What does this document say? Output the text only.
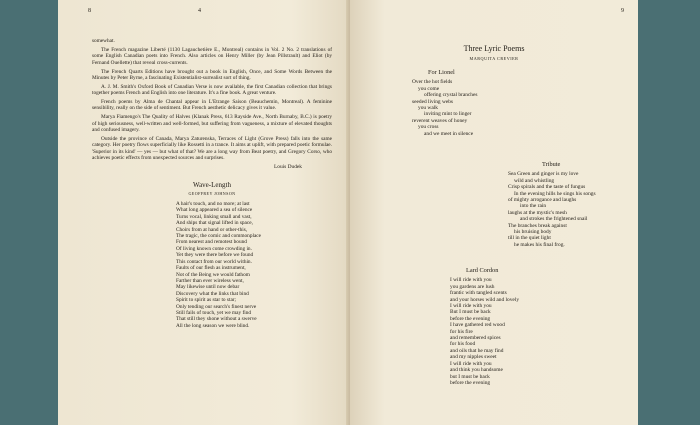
8	4

somewhat.

The French magazine Liberté (1130 Lagauchetière E., Montreal) contains in Vol. 2 No. 2 translations of some English Canadian poets into French. Also articles on Henry Miller (by Jean Pillstrault) and Eliot (by Fernand Ouellette) that reveal cross-currents.

The French Quarts Editions have brought out a book in English, Once, and Some Words Between the Minutes by Peter Byrne, a fascinating Existentialist-surrealist sort of thing.

A. J. M. Smith's Oxford Book of Canadian Verse is now available, the first Canadian collection that brings together poems French and English into one literature. It's a fine book. A great venture.

French poems by Alma de Chantal appear in L'Etrange Saison (Beauchemin, Montreal). A feminine sensibility, really on the side of sentiment. But French aesthetic delicacy gives it value.

Marya Fiamengo's The Quality of Halves (Klanak Press, 613 Rayside Ave., North Burnaby, B.C.) is poetry of high seriousness, well-written and well-formed, but suffering from vagueness, a mixture of elevated thoughts and confused imagery.

Outside the province of Canada, Marya Zaturenska, Terraces of Light (Grove Press) falls into the same category. Her poetry flows superficially like Rossetti in a trance. It aims at uplift, with prepared poetic formulae. 'Superior in its kind' — yes — but what of that? We are a long way from Beat poetry, and Gregory Corso, who achieves poetic effects from unexpected sources and surprises.

Louis Dudek
Wave-Length
GEOFFREY JOHNSON
A hair's touch, and no more; at last
What long appeared a sea of silence
Turns vocal, linking small and vast,
And ships that signal lifted in space,
Choirs from at hand or other-this,
The tragic, the comic and commonplace
From nearest and remotest bound
Of living known come crowding in.
Yet they were there before we found
This contact from our world within.
Faults of our flesh as instrument,
Not of the Being we would fathom
Farther than ever wireless went,
May likewise until now debar
Discovery what the links that bind
Spirit to spirit as star to star;
Only tending our search's finest nerve
Still fails of touch, yet we may find
That still they shone without a swerve
All the long season we were blind.
9
Three Lyric Poems
MARQUITA CREVIER
For Lionel
Over the hot fields
you come
offering crystal branches
seeded living webs
you walk
inviting mint to linger
reverent weaves of honey
you cross
and we meet in silence
Tribute
Sea Green and ginger is my love
wild and whistling
Crisp spirals and the taste of fungus
In the evening hills he sings his songs
of mighty arrogance and laughs
into the rain
laughs at the mystic's mesh
and strokes the frightened snail
The branches break against
his bruising body
till in the quiet light
he makes his final frog.
Lard Cordon
I will ride with you
you gardens are lush
frantic with tangled scents
and your horses wild and lovely
I will ride with you
But I must be back
before the evening
I have gathered red wood
for his fire
and remembered spices
for his food
and oils that he may find
and my nipples sweet
I will ride with you
and think you handsome
but I must be back
before the evening
